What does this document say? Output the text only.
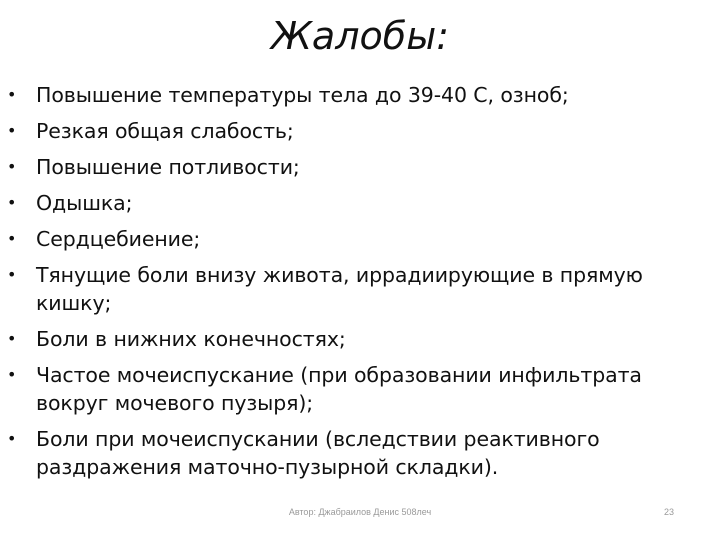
Жалобы:
• Повышение температуры тела до 39-40 С, озноб;
• Резкая общая слабость;
• Повышение потливости;
• Одышка;
• Сердцебиение;
• Тянущие боли внизу живота, иррадиирующие в прямую кишку;
• Боли в нижних конечностях;
• Частое мочеиспускание (при образовании инфильтрата вокруг мочевого пузыря);
• Боли при мочеиспускании (вследствии реактивного раздражения маточно-пузырной складки).
Автор: Джабраилов Денис 508леч	23
